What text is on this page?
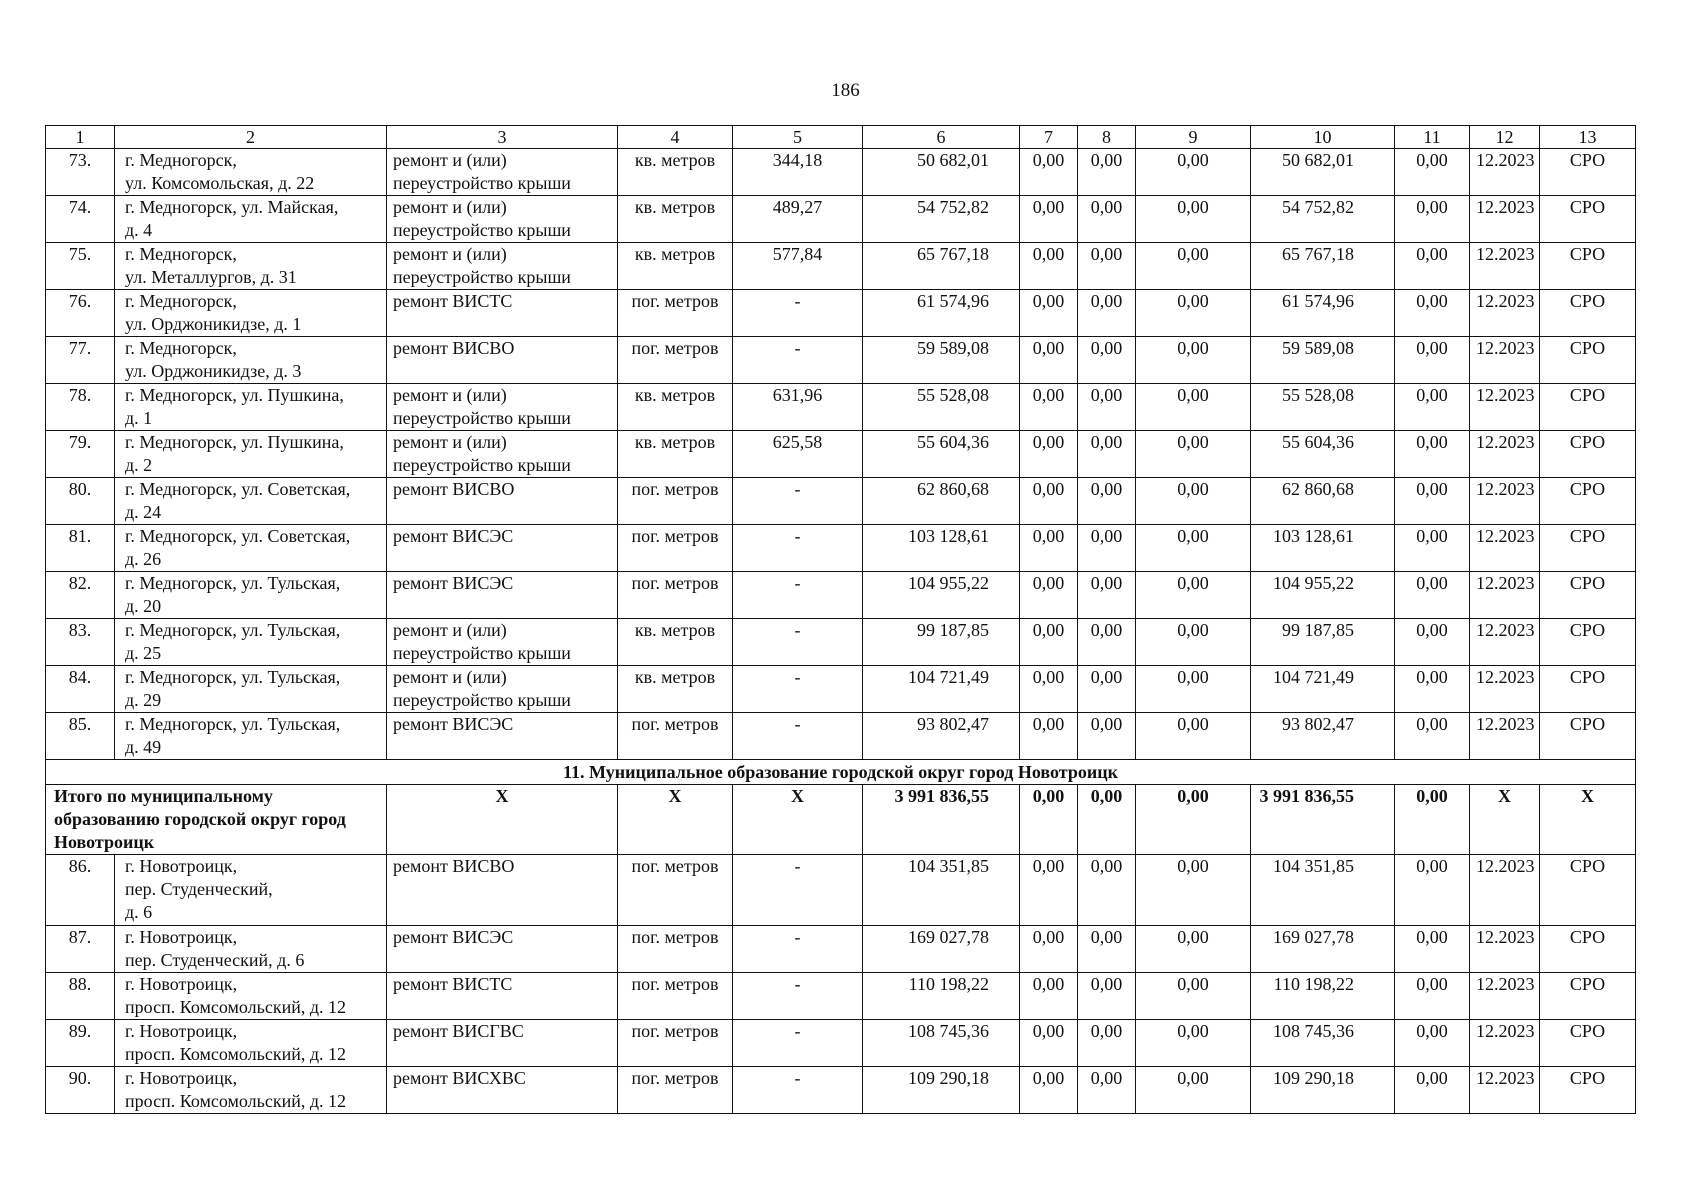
186
1	2	3	4	5	6	7	8	9	10	11	12	13
73.	г. Медногорск,
ул. Комсомольская, д. 22	ремонт и (или)
переустройство крыши	кв. метров	344,18	50 682,01	0,00	0,00	0,00	50 682,01	0,00	12.2023	СРО
74.	г. Медногорск, ул. Майская,
д. 4	ремонт и (или)
переустройство крыши	кв. метров	489,27	54 752,82	0,00	0,00	0,00	54 752,82	0,00	12.2023	СРО
75.	г. Медногорск,
ул. Металлургов, д. 31	ремонт и (или)
переустройство крыши	кв. метров	577,84	65 767,18	0,00	0,00	0,00	65 767,18	0,00	12.2023	СРО
76.	г. Медногорск,
ул. Орджоникидзе, д. 1	ремонт ВИСТС	пог. метров	-	61 574,96	0,00	0,00	0,00	61 574,96	0,00	12.2023	СРО
77.	г. Медногорск,
ул. Орджоникидзе, д. 3	ремонт ВИСВО	пог. метров	-	59 589,08	0,00	0,00	0,00	59 589,08	0,00	12.2023	СРО
78.	г. Медногорск, ул. Пушкина,
д. 1	ремонт и (или)
переустройство крыши	кв. метров	631,96	55 528,08	0,00	0,00	0,00	55 528,08	0,00	12.2023	СРО
79.	г. Медногорск, ул. Пушкина,
д. 2	ремонт и (или)
переустройство крыши	кв. метров	625,58	55 604,36	0,00	0,00	0,00	55 604,36	0,00	12.2023	СРО
80.	г. Медногорск, ул. Советская,
д. 24	ремонт ВИСВО	пог. метров	-	62 860,68	0,00	0,00	0,00	62 860,68	0,00	12.2023	СРО
81.	г. Медногорск, ул. Советская,
д. 26	ремонт ВИСЭС	пог. метров	-	103 128,61	0,00	0,00	0,00	103 128,61	0,00	12.2023	СРО
82.	г. Медногорск, ул. Тульская,
д. 20	ремонт ВИСЭС	пог. метров	-	104 955,22	0,00	0,00	0,00	104 955,22	0,00	12.2023	СРО
83.	г. Медногорск, ул. Тульская,
д. 25	ремонт и (или)
переустройство крыши	кв. метров	-	99 187,85	0,00	0,00	0,00	99 187,85	0,00	12.2023	СРО
84.	г. Медногорск, ул. Тульская,
д. 29	ремонт и (или)
переустройство крыши	кв. метров	-	104 721,49	0,00	0,00	0,00	104 721,49	0,00	12.2023	СРО
85.	г. Медногорск, ул. Тульская,
д. 49	ремонт ВИСЭС	пог. метров	-	93 802,47	0,00	0,00	0,00	93 802,47	0,00	12.2023	СРО
11. Муниципальное образование городской округ город Новотроицк												
Итого по муниципальному образованию городской округ город Новотроицк		Х	Х	Х	3 991 836,55	0,00	0,00	0,00	3 991 836,55	0,00	Х	Х
86.	г. Новотроицк,
пер. Студенческий,
д. 6	ремонт ВИСВО	пог. метров	-	104 351,85	0,00	0,00	0,00	104 351,85	0,00	12.2023	СРО
87.	г. Новотроицк,
пер. Студенческий, д. 6	ремонт ВИСЭС	пог. метров	-	169 027,78	0,00	0,00	0,00	169 027,78	0,00	12.2023	СРО
88.	г. Новотроицк,
просп. Комсомольский, д. 12	ремонт ВИСТС	пог. метров	-	110 198,22	0,00	0,00	0,00	110 198,22	0,00	12.2023	СРО
89.	г. Новотроицк,
просп. Комсомольский, д. 12	ремонт ВИСГВС	пог. метров	-	108 745,36	0,00	0,00	0,00	108 745,36	0,00	12.2023	СРО
90.	г. Новотроицк,
просп. Комсомольский, д. 12	ремонт ВИСХВС	пог. метров	-	109 290,18	0,00	0,00	0,00	109 290,18	0,00	12.2023	СРО
